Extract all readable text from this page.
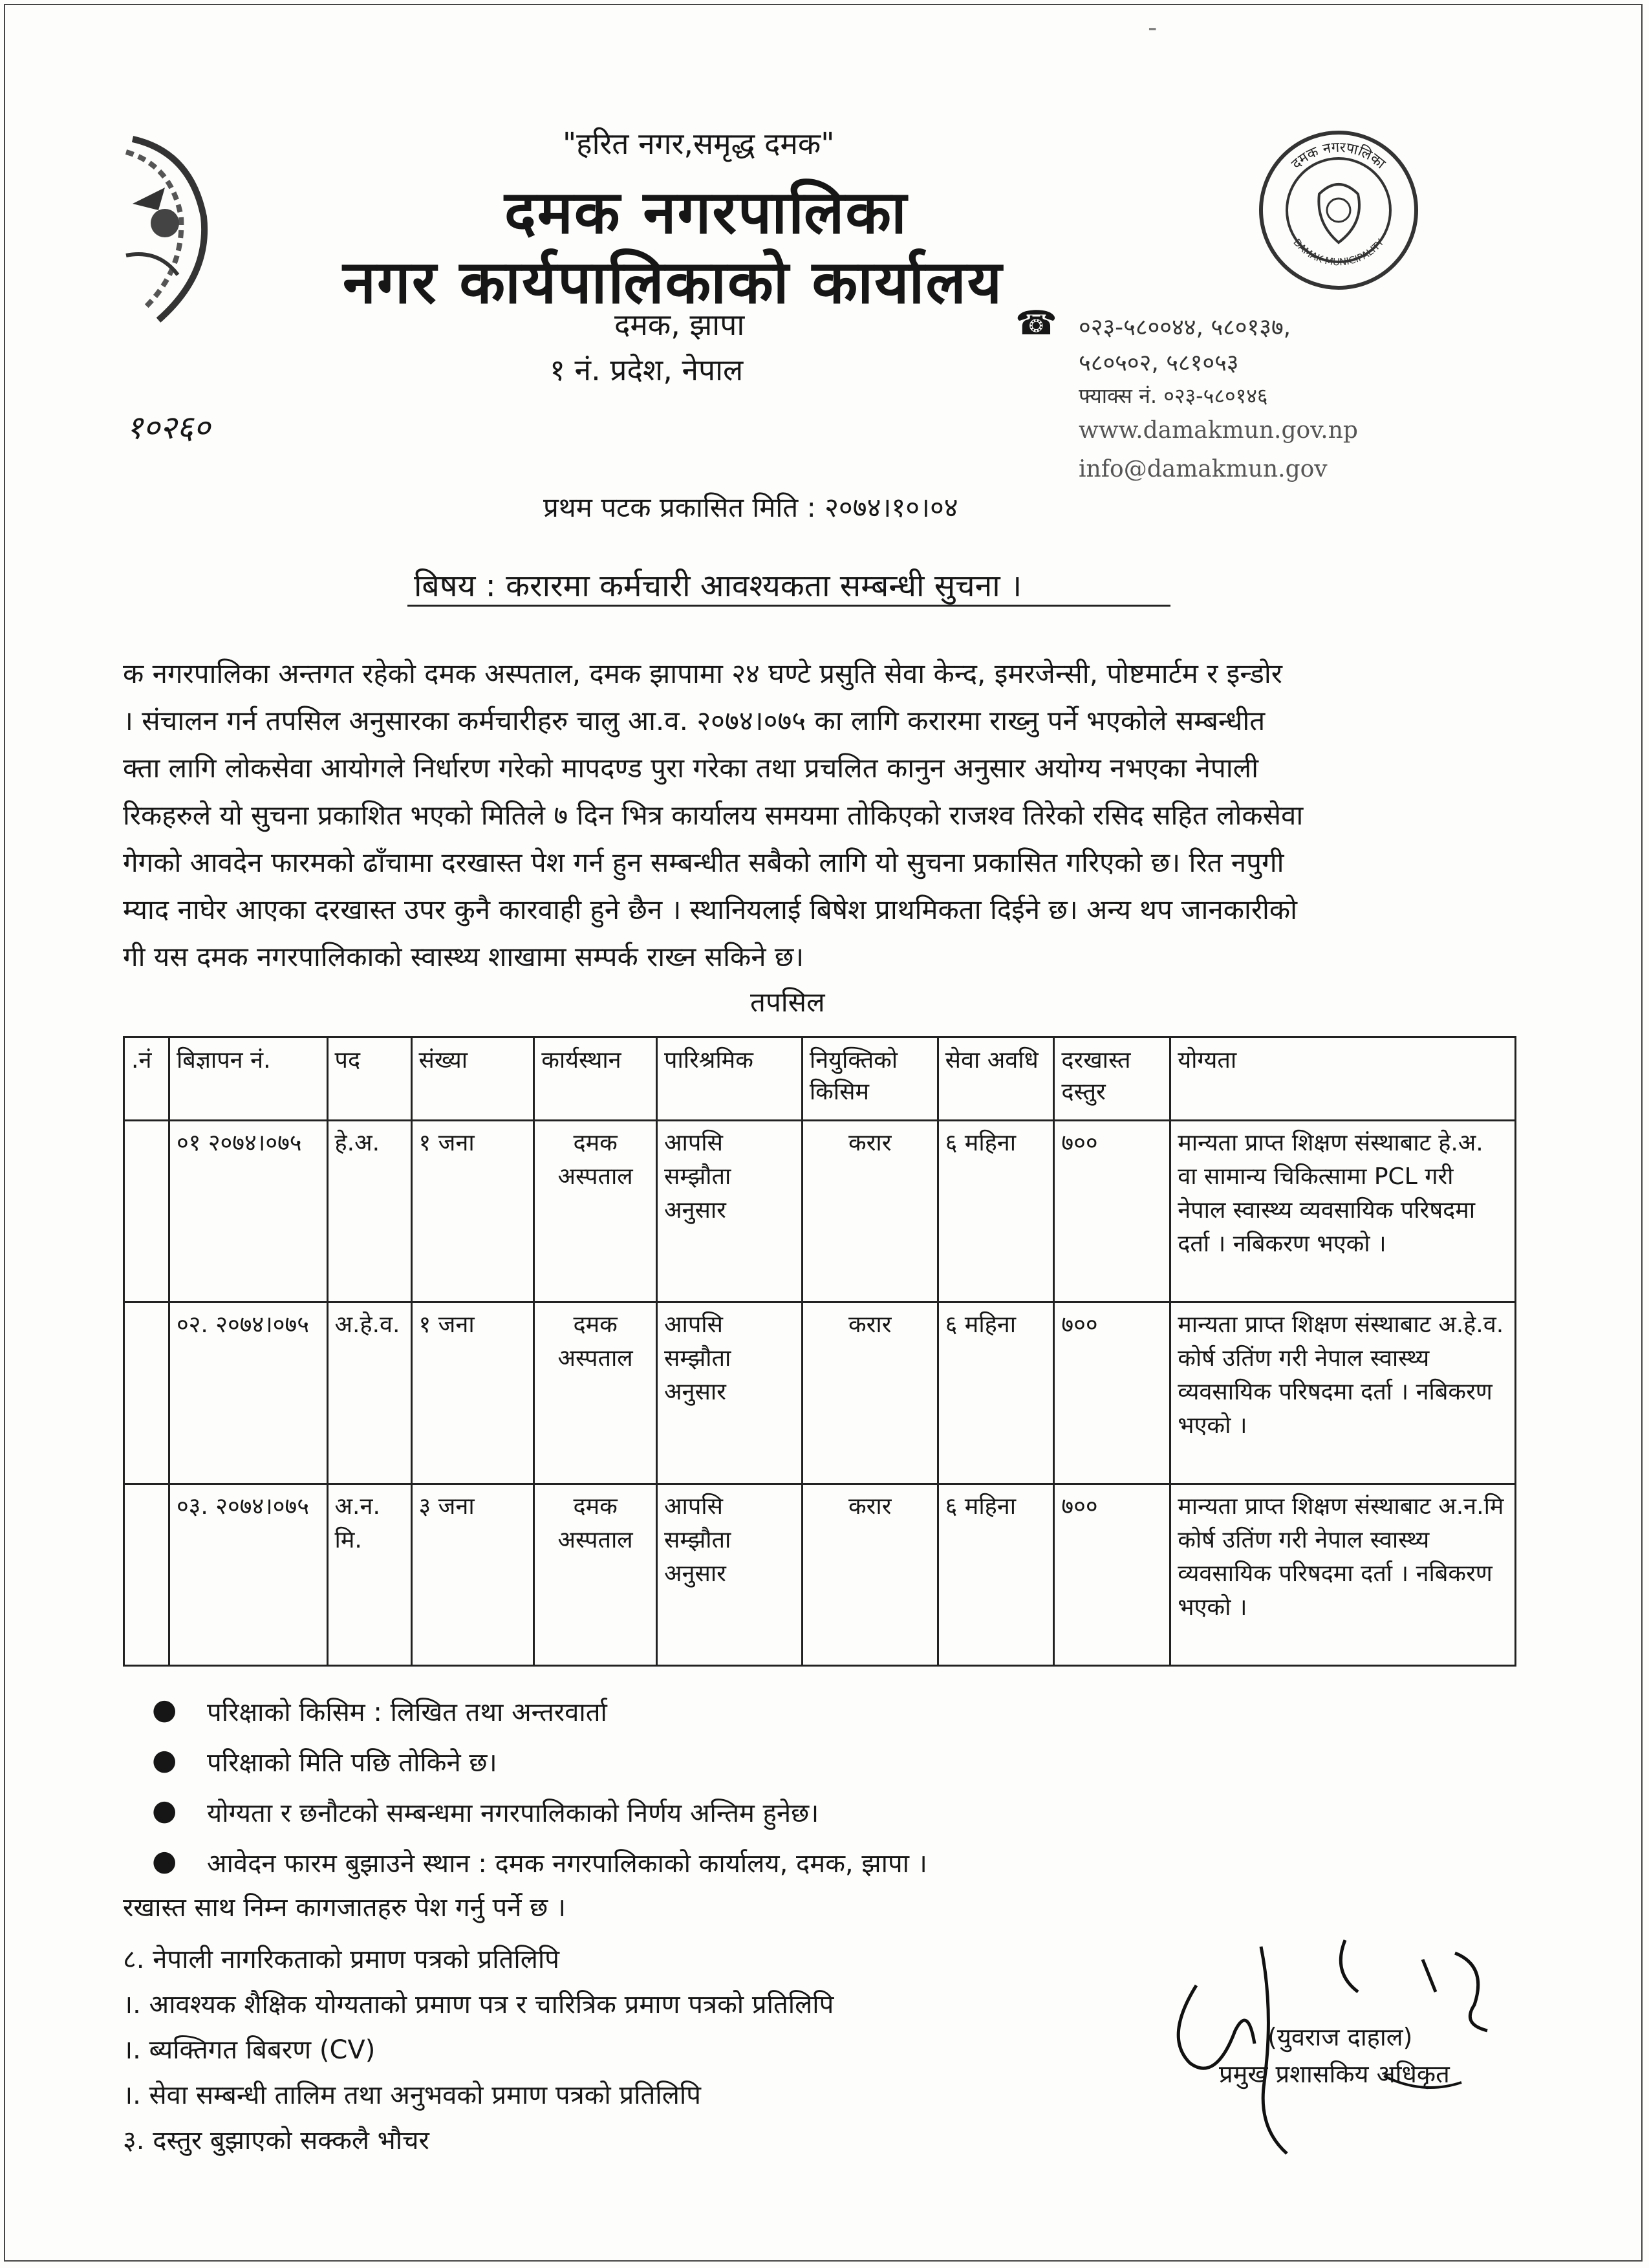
-
दमक नगरपालिका
DAMAK MUNICIPALITY
"हरित नगर,समृद्ध दमक"
दमक नगरपालिका
नगर कार्यपालिकाको कार्यालय
दमक, झापा
१ नं. प्रदेश, नेपाल
☎ ०२३-५८००४४, ५८०१३७,
५८०५०२, ५८१०५३
फ्याक्स नं. ०२३-५८०१४६
www.damakmun.gov.np
info@damakmun.gov
१०२६०
प्रथम पटक प्रकासित मिति : २०७४।१०।०४
बिषय : करारमा कर्मचारी आवश्यकता सम्बन्धी सुचना ।

क नगरपालिका अन्तगत रहेको दमक अस्पताल, दमक झापामा २४ घण्टे प्रसुति सेवा केन्द, इमरजेन्सी, पोष्टमार्टम र इन्डोर

। संचालन गर्न तपसिल अनुसारका कर्मचारीहरु चालु आ.व. २०७४।०७५ का लागि करारमा राख्नु पर्ने भएकोले सम्बन्धीत

क्ता लागि लोकसेवा आयोगले निर्धारण गरेको मापदण्ड पुरा गरेका तथा प्रचलित कानुन अनुसार अयोग्य नभएका नेपाली

रिकहरुले यो सुचना प्रकाशित भएको मितिले ७ दिन भित्र कार्यालय समयमा तोकिएको राजश्व तिरेको रसिद सहित लोकसेवा

गेगको आवदेन फारमको ढाँचामा दरखास्त पेश गर्न हुन सम्बन्धीत सबैको लागि यो सुचना प्रकासित गरिएको छ। रित नपुगी

म्याद नाघेर आएका दरखास्त उपर कुनै कारवाही हुने छैन । स्थानियलाई बिषेश प्राथमिकता दिईने छ। अन्य थप जानकारीको

गी यस दमक नगरपालिकाको स्वास्थ्य शाखामा सम्पर्क राख्न सकिने छ।

तपसिल
.नं	बिज्ञापन नं.	पद	संख्या	कार्यस्थान	पारिश्रमिक	नियुक्तिको किसिम	सेवा अवधि	दरखास्त दस्तुर	योग्यता
	०१ २०७४।०७५	हे.अ.	१ जना	दमक अस्पताल	आपसि सम्झौता अनुसार	करार	६ महिना	७००	मान्यता प्राप्त शिक्षण संस्थाबाट हे.अ. वा सामान्य चिकित्सामा PCL गरी नेपाल स्वास्थ्य व्यवसायिक परिषदमा दर्ता । नबिकरण भएको ।
	०२. २०७४।०७५	अ.हे.व.	१ जना	दमक अस्पताल	आपसि सम्झौता अनुसार	करार	६ महिना	७००	मान्यता प्राप्त शिक्षण संस्थाबाट अ.हे.व. कोर्ष उतिंण गरी नेपाल स्वास्थ्य व्यवसायिक परिषदमा दर्ता । नबिकरण भएको ।
	०३. २०७४।०७५	अ.न. मि.	३ जना	दमक अस्पताल	आपसि सम्झौता अनुसार	करार	६ महिना	७००	मान्यता प्राप्त शिक्षण संस्थाबाट अ.न.मि कोर्ष उतिंण गरी नेपाल स्वास्थ्य व्यवसायिक परिषदमा दर्ता । नबिकरण भएको ।
●	परिक्षाको किसिम : लिखित तथा अन्तरवार्ता
●	परिक्षाको मिति पछि तोकिने छ।
●	योग्यता र छनौटको सम्बन्धमा नगरपालिकाको निर्णय अन्तिम हुनेछ।
●	आवेदन फारम बुझाउने स्थान : दमक नगरपालिकाको कार्यालय, दमक, झापा ।
रखास्त साथ निम्न कागजातहरु पेश गर्नु पर्ने छ ।
८. नेपाली नागरिकताको प्रमाण पत्रको प्रतिलिपि
।. आवश्यक शैक्षिक योग्यताको प्रमाण पत्र र चारित्रिक प्रमाण पत्रको प्रतिलिपि
।. ब्यक्तिगत बिबरण (CV)
।. सेवा सम्बन्धी तालिम तथा अनुभवको प्रमाण पत्रको प्रतिलिपि
३. दस्तुर बुझाएको सक्कलै भौचर
(युवराज दाहाल)
प्रमुख प्रशासकिय अधिकृत
